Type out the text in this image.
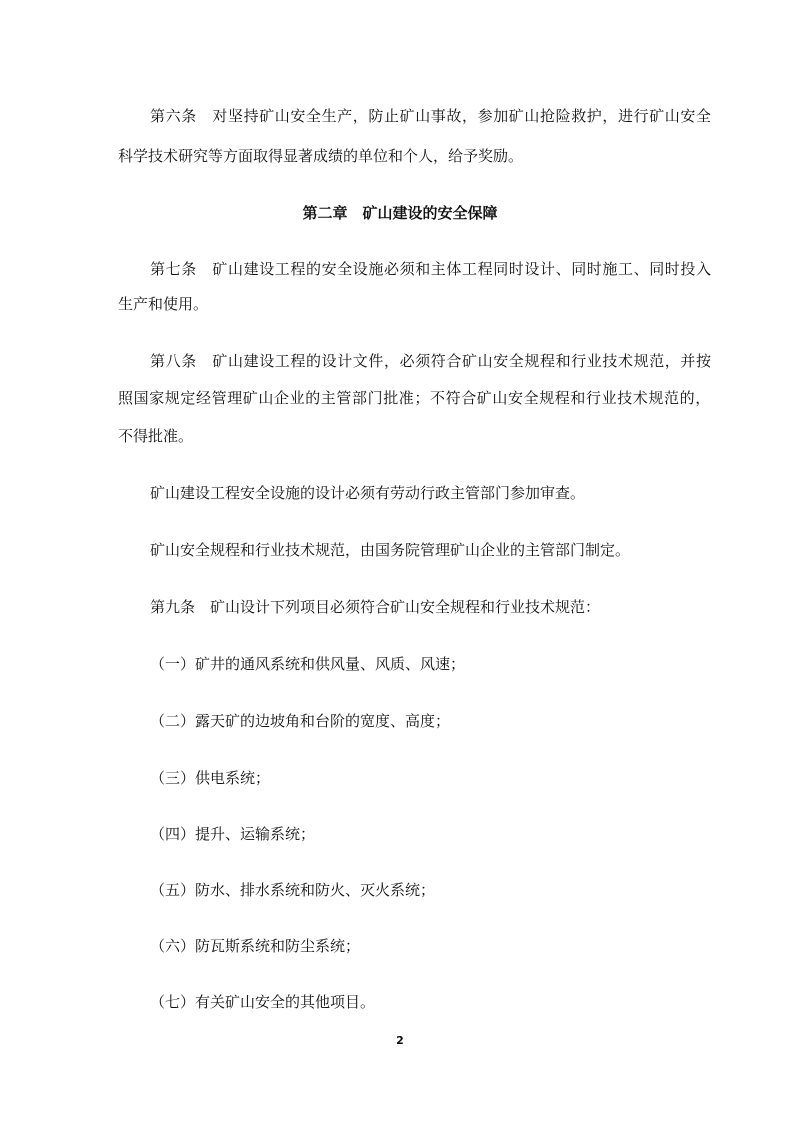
第六条　对坚持矿山安全生产，防止矿山事故，参加矿山抢险救护，进行矿山安全
科学技术研究等方面取得显著成绩的单位和个人，给予奖励。
第二章　矿山建设的安全保障
第七条　矿山建设工程的安全设施必须和主体工程同时设计、同时施工、同时投入
生产和使用。
第八条　矿山建设工程的设计文件，必须符合矿山安全规程和行业技术规范，并按
照国家规定经管理矿山企业的主管部门批准；不符合矿山安全规程和行业技术规范的，
不得批准。
矿山建设工程安全设施的设计必须有劳动行政主管部门参加审查。
矿山安全规程和行业技术规范，由国务院管理矿山企业的主管部门制定。
第九条　矿山设计下列项目必须符合矿山安全规程和行业技术规范：
（一）矿井的通风系统和供风量、风质、风速；
（二）露天矿的边坡角和台阶的宽度、高度；
（三）供电系统；
（四）提升、运输系统；
（五）防水、排水系统和防火、灭火系统；
（六）防瓦斯系统和防尘系统；
（七）有关矿山安全的其他项目。
2
